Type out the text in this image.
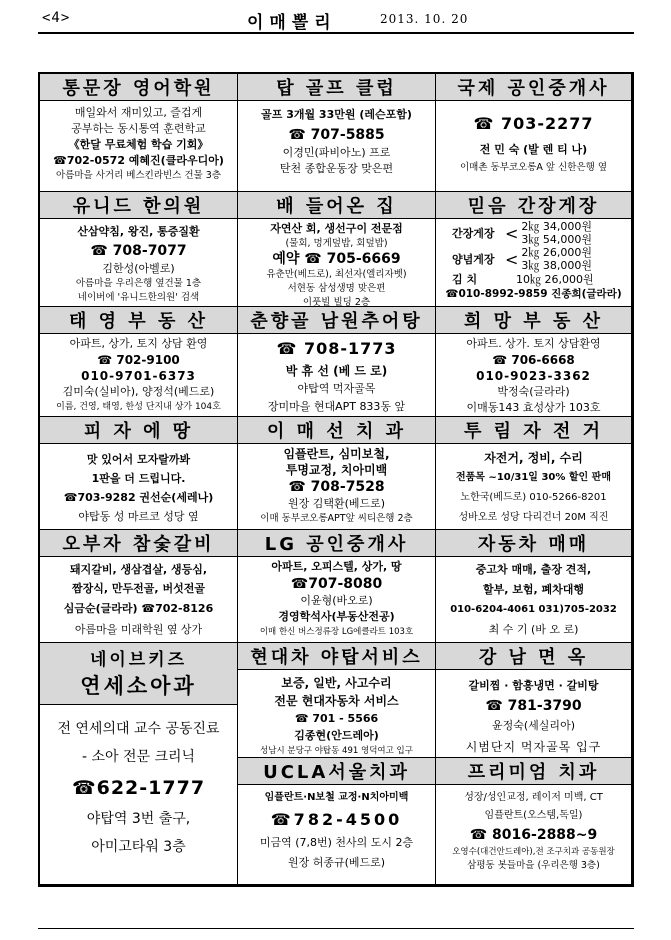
<4>	이매뽈리	2013. 10. 20
통문장 영어학원
매일와서 재미있고, 즐겁게
공부하는 동시통역 훈련학교
《한달 무료체험 학습 기회》
☎702-0572 예혜진(클라우디아)
아름마을 사거리 베스킨라빈스 건물 3층
탑 골프 클럽
골프 3개월 33만원 (레슨포함)
☎ 707-5885
이경민(파비아노) 프로
탄천 종합운동장 맞은편
국제 공인중개사
☎ 703-2277
전 민 숙 (발 렌 티 나)
이매촌 동부코오롱A 앞 신한은행 옆
유니드 한의원
산삼약침, 왕진, 통증질환
☎ 708-7077
김한성(아벨로)
아름마을 우리은행 옆건물 1층
네이버에 '유니드한의원' 검색
배 들어온 집
자연산 회, 생선구이 전문점
(물회, 멍게덮밥, 회덮밥)
예약 ☎ 705-6669
유춘만(베드로), 최선자(엘리자벳)
서현동 삼성생명 맞은편
이풋빌 빌딩 2층
믿음 간장게장
간장게장 < 2㎏ 34,000원
3㎏ 54,000원
양념게장 < 2㎏ 26,000원
3㎏ 38,000원
김 치	10㎏ 26,000원
☎010-8992-9859 진종희(글라라)
태 영 부 동 산
아파트, 상가, 토지 상담 환영
☎ 702-9100
010-9701-6373
김미숙(실비아), 양정석(베드로)
이름, 건영, 태영, 한성 단지내 상가 104호
춘향골 남원추어탕
☎ 708-1773
박 휴 선 (베 드 로)
야탑역 먹자골목
장미마을 현대APT 833동 앞
희 망 부 동 산
아파트. 상가. 토지 상담환영
☎ 706-6668
010-9023-3362
박정숙(글라라)
이매동143 효성상가 103호
피 자 에 땅
맛 있어서 모자랄까봐
1판을 더 드립니다.
☎703-9282 권선순(세레나)
야탑동 성 마르코 성당 옆
이 매 선 치 과
임플란트, 심미보철,
투명교정, 치아미백
☎ 708-7528
원장 김택환(베드로)
이매 동부코오롱APT앞 씨티은행 2층
투 림 자 전 거
자전거, 정비, 수리
전품목 ~10/31일 30% 할인 판매
노한국(베드로) 010-5266-8201
성바오로 성당 다리건너 20M 직진
오부자 참숯갈비
돼지갈비, 생삼겹살, 생등심,
짬장식, 만두전골, 버섯전골
심금순(글라라) ☎702-8126
아름마을 미래학원 옆 상가
LG 공인중개사
아파트, 오피스텔, 상가, 땅
☎707-8080
이윤형(바오로)
경영학석사(부동산전공)
이매 한신 버스정류장 LG에클라트 103호
자동차 매매
중고차 매매, 출장 견적,
할부, 보험, 폐차대행
010-6204-4061 031)705-2032
최 수 기 (바 오 로)
네이브키즈
연세소아과
전 연세의대 교수 공동진료
- 소아 전문 크리닉
☎622-1777
야탑역 3번 출구,
아미고타워 3층
현대차 야탑서비스
보증, 일반, 사고수리
전문 현대자동차 서비스
☎ 701 - 5566
김종현(안드레아)
성남시 분당구 야탑동 491 영덕여고 입구
강 남 면 옥
갈비찜 · 함흥냉면 · 갈비탕
☎ 781-3790
윤정숙(세실리아)
시범단지 먹자골목 입구
UCLA서울치과
임플란트·N보철 교정·N치아미백
☎782-4500
미금역 (7,8번) 천사의 도시 2층
원장 허종규(베드로)
프리미엄 치과
성장/성인교정, 레이저 미백, CT
임플란트(오스템,독일)
☎ 8016-2888~9
오영수(대건안드레아),전 조구치과 공동원장
삼평동 봇들마을 (우리은행 3층)
